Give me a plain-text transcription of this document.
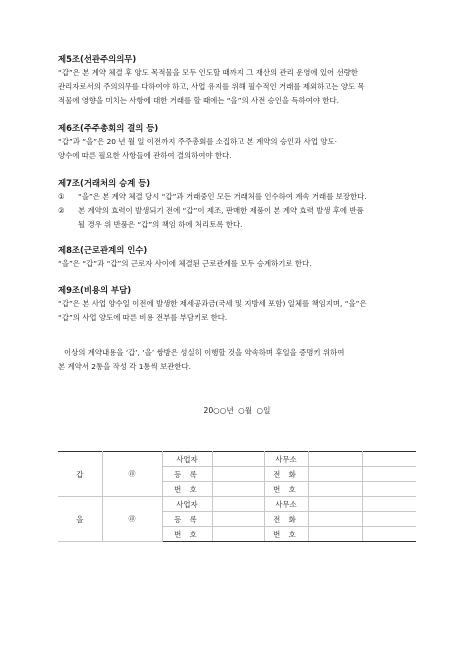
제5조(선관주의의무)
“갑”은 본 계약 체결 후 양도 목적물을 모두 인도할 때까지 그 재산의 관리 운영에 있어 선량한
관리자로서의 주의의무를 다하여야 하고, 사업 유지를 위해 필수적인 거래를 제외하고는 양도 목
적물에 영향을 미치는 사항에 대한 거래를 할 때에는 “을”의 사전 승인을 득하여야 한다.
제6조(주주총회의 결의 등)
“갑”과 “을”은 20 년 월 일 이전까지 주주총회를 소집하고 본 계약의 승인과 사업 양도·
양수에 따른 필요한 사항들에 관하여 결의하여야 한다.
제7조(거래처의 승계 등)
① “을”은 본 계약 체결 당시 “갑”과 거래중인 모든 거래처를 인수하여 계속 거래를 보장한다.
② 본 계약의 효력이 발생되기 전에 “갑”이 제조, 판매한 제품이 본 계약 효력 발생 후에 반품
될 경우 위 반품은 “갑”의 책임 하에 처리토록 한다.
제8조(근로관계의 인수)
“을”은 “갑”과 “갑”의 근로자 사이에 체결된 근로관계를 모두 승계하기로 한다.
제9조(비용의 부담)
“갑”은 본 사업 양수일 이전에 발생한 제세공과금(국세 및 지방세 포함) 일체를 책임지며, “을”은
“갑”의 사업 양도에 따른 비용 전부를 부담키로 한다.
이상의 계약내용을 ‘갑’, ‘을’ 쌍방은 성실히 이행할 것을 약속하며 후일을 증명키 위하여
본 계약서 2통을 작성 각 1통씩 보관한다.
20○○년 ○월 ○일
갑	㊞	사업자		사무소		
		등 록		전 화		
		번 호		번 호		
을	㊞	사업자		사무소		
		등 록		전 화		
		번 호		번 호		
